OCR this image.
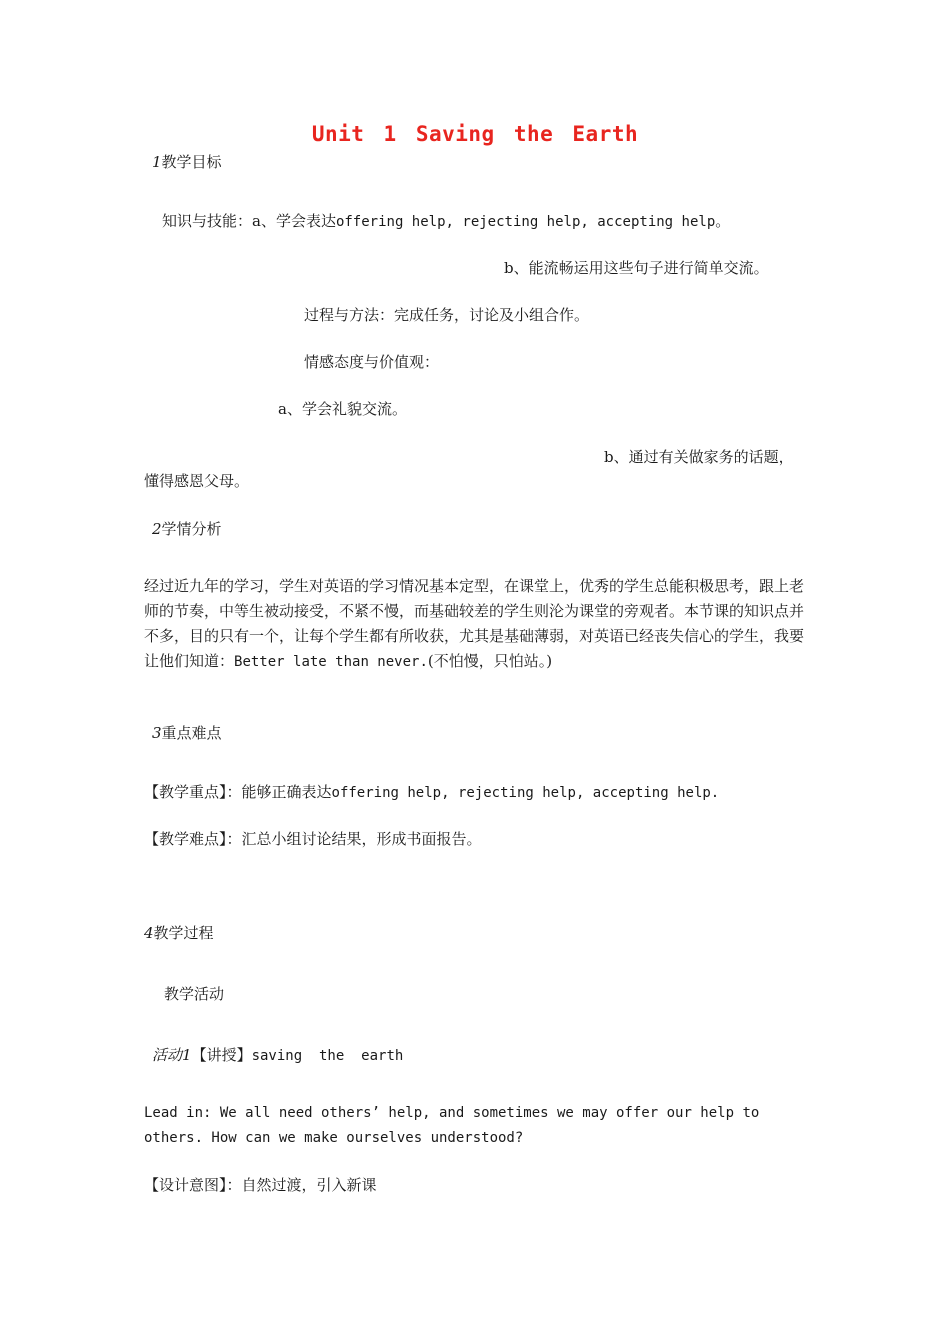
Unit 1 Saving the Earth
1教学目标
知识与技能：a、学会表达offering help, rejecting help, accepting help。
b、能流畅运用这些句子进行简单交流。
过程与方法：完成任务，讨论及小组合作。
情感态度与价值观：
a、学会礼貌交流。
b、通过有关做家务的话题，
懂得感恩父母。
2学情分析
经过近九年的学习，学生对英语的学习情况基本定型，在课堂上，优秀的学生总能积极思考，跟上老师的节奏，中等生被动接受，不紧不慢，而基础较差的学生则沦为课堂的旁观者。本节课的知识点并不多，目的只有一个，让每个学生都有所收获，尤其是基础薄弱，对英语已经丧失信心的学生，我要让他们知道：Better late than never.(不怕慢，只怕站。)
3重点难点
【教学重点】：能够正确表达offering help, rejecting help, accepting help.
【教学难点】：汇总小组讨论结果，形成书面报告。
4教学过程
教学活动
活动1【讲授】saving  the  earth
Lead in: We all need others’ help, and sometimes we may offer our help to others. How can we make ourselves understood?
【设计意图】：自然过渡，引入新课
